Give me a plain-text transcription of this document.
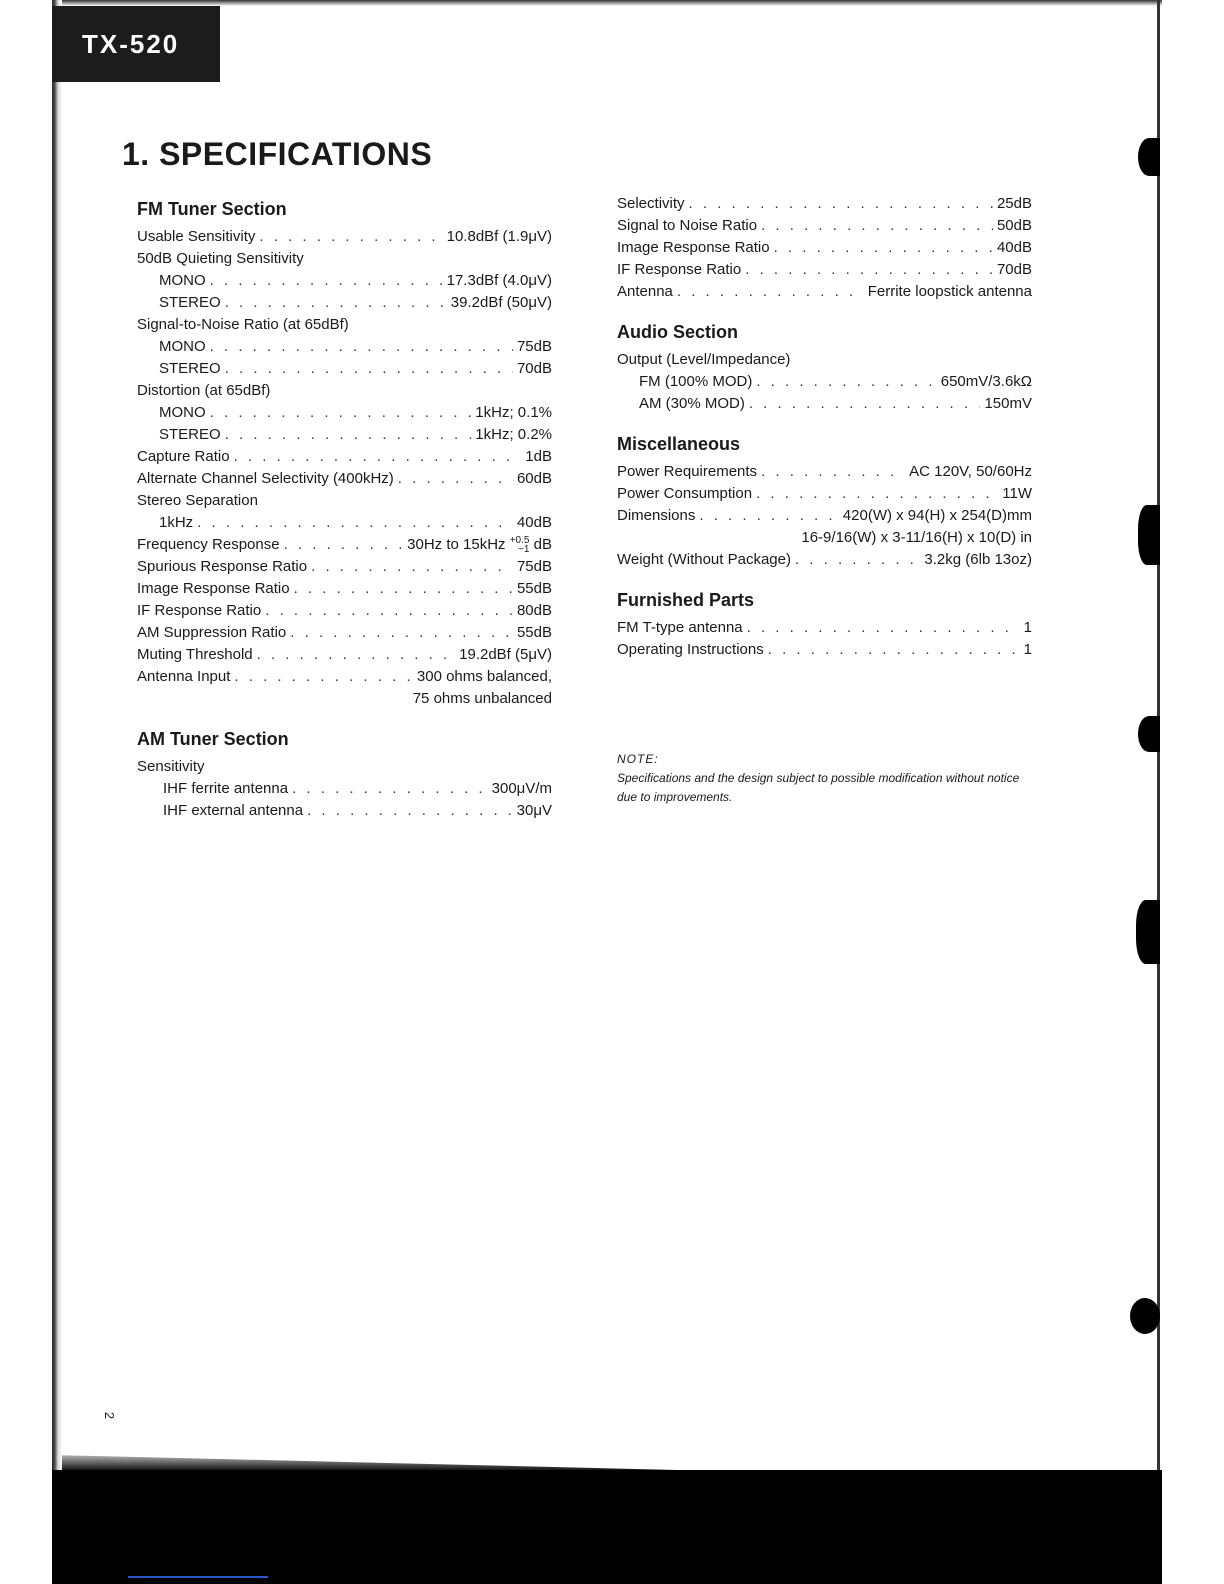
TX-520
1. SPECIFICATIONS
FM Tuner Section
Usable Sensitivity . . .	10.8dBf (1.9μV)
50dB Quieting Sensitivity
MONO . . .	17.3dBf (4.0μV)
STEREO . . .	39.2dBf (50μV)
Signal-to-Noise Ratio (at 65dBf)
MONO . . .	75dB
STEREO . . .	70dB
Distortion (at 65dBf)
MONO . . .	1kHz; 0.1%
STEREO . . .	1kHz; 0.2%
Capture Ratio . . .	1dB
Alternate Channel Selectivity (400kHz) . . .	60dB
Stereo Separation
1kHz . . .	40dB
Frequency Response . . .	30Hz to 15kHz +0.5
−1 dB
Spurious Response Ratio . . .	75dB
Image Response Ratio . . .	55dB
IF Response Ratio . . .	80dB
AM Suppression Ratio . . .	55dB
Muting Threshold . . .	19.2dBf (5μV)
Antenna Input . . .	300 ohms balanced,
75 ohms unbalanced
AM Tuner Section
Sensitivity
IHF ferrite antenna . . .	300μV/m
IHF external antenna . . .	30μV
Selectivity . . .	25dB
Signal to Noise Ratio . . .	50dB
Image Response Ratio . . .	40dB
IF Response Ratio . . .	70dB
Antenna . . .	Ferrite loopstick antenna
Audio Section
Output (Level/Impedance)
FM (100% MOD) . . .	650mV/3.6kΩ
AM (30% MOD) . . .	150mV
Miscellaneous
Power Requirements . . .	AC 120V, 50/60Hz
Power Consumption . . .	11W
Dimensions . . .	420(W) x 94(H) x 254(D)mm
16-9/16(W) x 3-11/16(H) x 10(D) in
Weight (Without Package) . . .	3.2kg (6lb 13oz)
Furnished Parts
FM T-type antenna . . .	1
Operating Instructions . . .	1

NOTE:

Specifications and the design subject to possible modification without notice due to improvements.

2
